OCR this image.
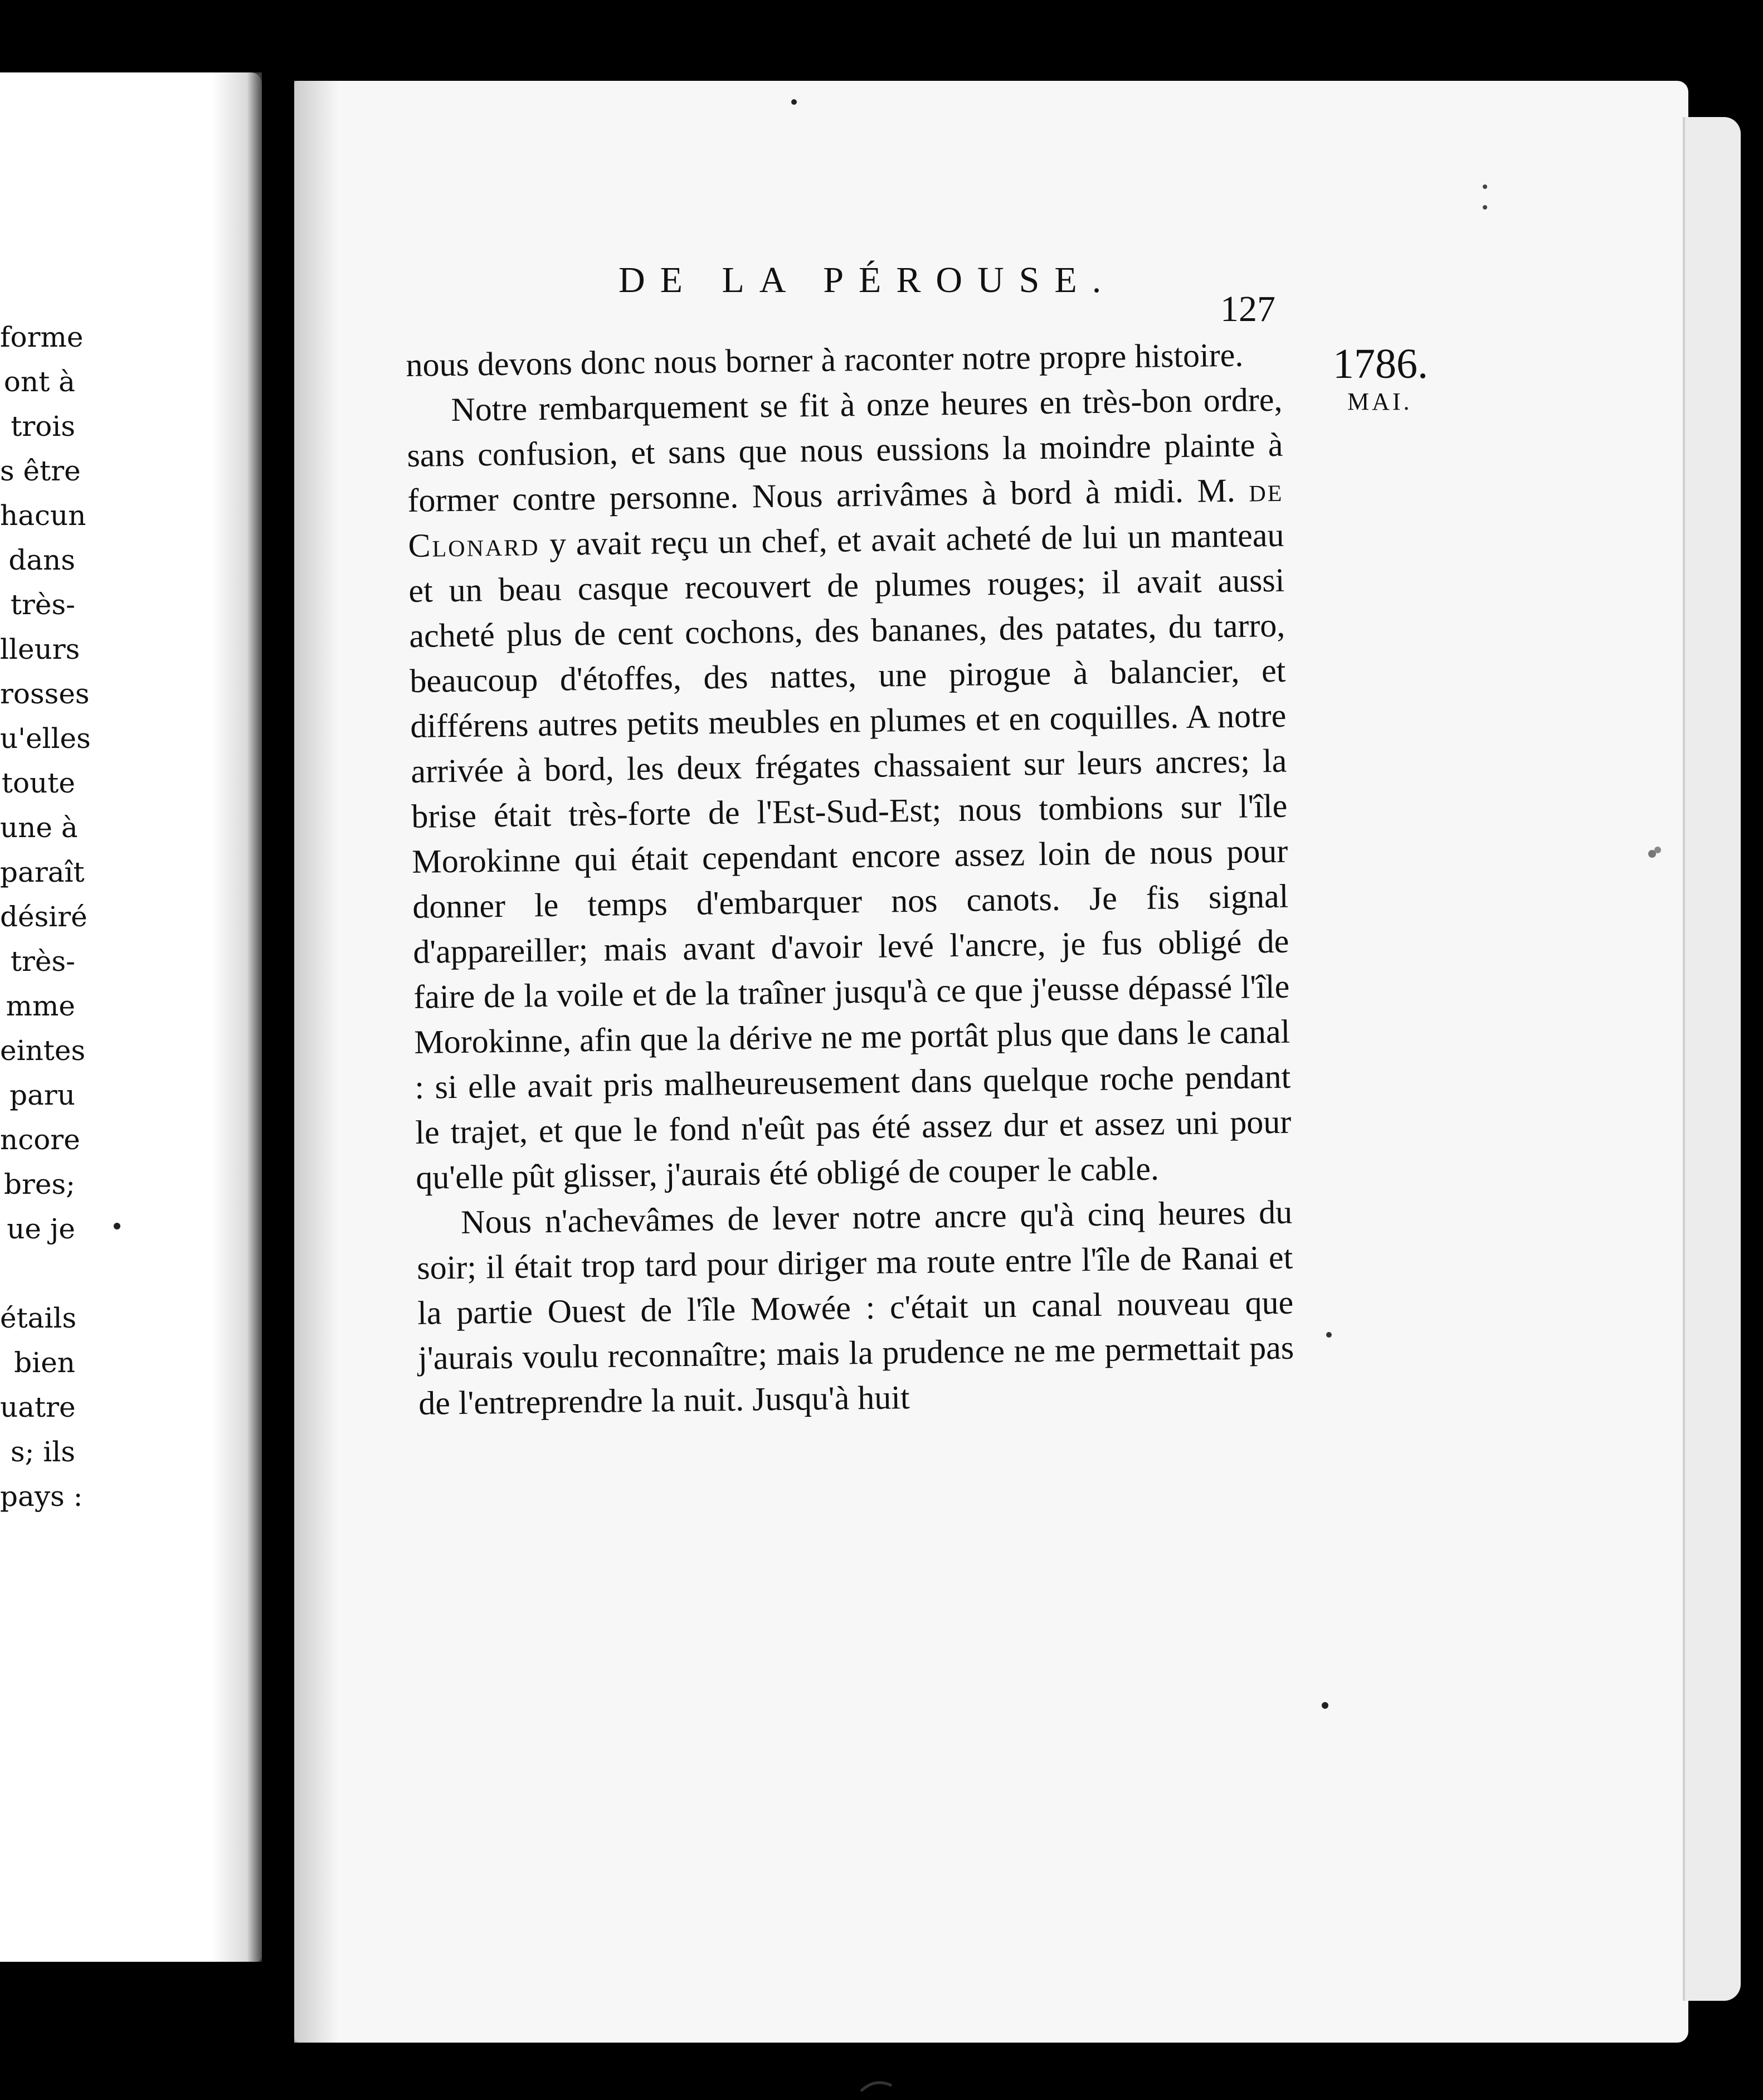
forme
ont à
trois
s être
hacun
dans
très-
lleurs
rosses
u'elles
toute
une à
paraît
désiré
très-
mme
eintes
paru
ncore
bres;
ue je
étails
bien
uatre
s; ils
pays :
DE LA PÉROUSE.
127
1786.
MAI.

nous devons donc nous borner à raconter notre propre histoire.

Notre rembarquement se fit à onze heures en très-bon ordre, sans confusion, et sans que nous eussions la moindre plainte à former contre personne. Nous arrivâmes à bord à midi. M. de Clonard y avait reçu un chef, et avait acheté de lui un manteau et un beau casque recouvert de plumes rouges; il avait aussi acheté plus de cent cochons, des bananes, des patates, du tarro, beaucoup d'étoffes, des nattes, une pirogue à balancier, et différens autres petits meubles en plumes et en coquilles. A notre arrivée à bord, les deux frégates chassaient sur leurs ancres; la brise était très-forte de l'Est-Sud-Est; nous tombions sur l'île Morokinne qui était cependant encore assez loin de nous pour donner le temps d'embarquer nos canots. Je fis signal d'appareiller; mais avant d'avoir levé l'ancre, je fus obligé de faire de la voile et de la traîner jusqu'à ce que j'eusse dépassé l'île Morokinne, afin que la dérive ne me portât plus que dans le canal : si elle avait pris malheureusement dans quelque roche pendant le trajet, et que le fond n'eût pas été assez dur et assez uni pour qu'elle pût glisser, j'aurais été obligé de couper le cable.

Nous n'achevâmes de lever notre ancre qu'à cinq heures du soir; il était trop tard pour diriger ma route entre l'île de Ranai et la partie Ouest de l'île Mowée : c'était un canal nouveau que j'aurais voulu reconnaître; mais la prudence ne me permettait pas de l'entreprendre la nuit. Jusqu'à huit
